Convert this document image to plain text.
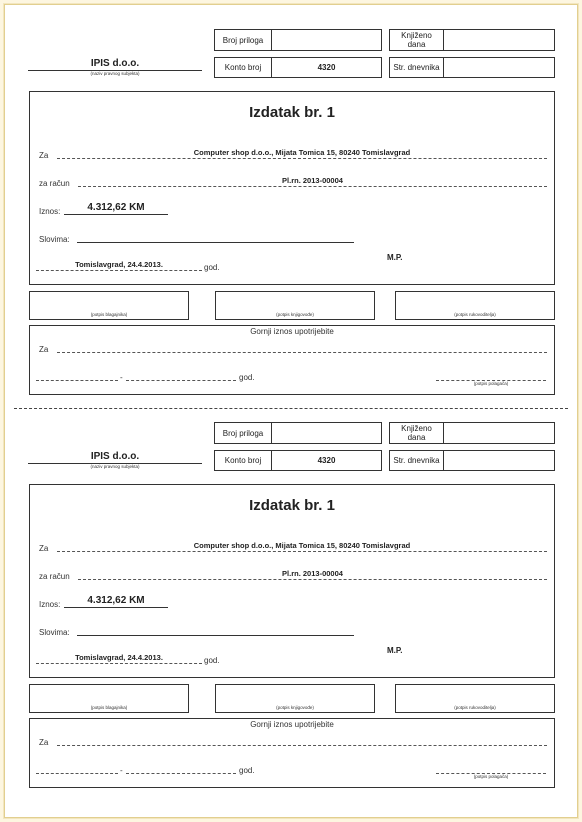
IPIS d.o.o.
(naziv pravnog subjekta)
Broj priloga	Knjiženo
dana
Konto broj	4320	Str. dnevnika
Izdatak br. 1
Za	Computer shop d.o.o., Mijata Tomica 15, 80240 Tomislavgrad
za račun	Pl.rn. 2013-00004
Iznos:	4.312,62 KM
Slovima:
Tomislavgrad, 24.4.2013.	god.
M.P.
(potpis blagajnika)	(potpis knjigovođe)	(potpis rukovoditelja)
Gornji iznos upotrijebite
Za
-	god.
(potpis polagača)
IPIS d.o.o.
(naziv pravnog subjekta)
Broj priloga	Knjiženo
dana
Konto broj	4320	Str. dnevnika
Izdatak br. 1
Za	Computer shop d.o.o., Mijata Tomica 15, 80240 Tomislavgrad
za račun	Pl.rn. 2013-00004
Iznos:	4.312,62 KM
Slovima:
Tomislavgrad, 24.4.2013.	god.
M.P.
(potpis blagajnika)	(potpis knjigovođe)	(potpis rukovoditelja)
Gornji iznos upotrijebite
Za
-	god.
(potpis polagača)
